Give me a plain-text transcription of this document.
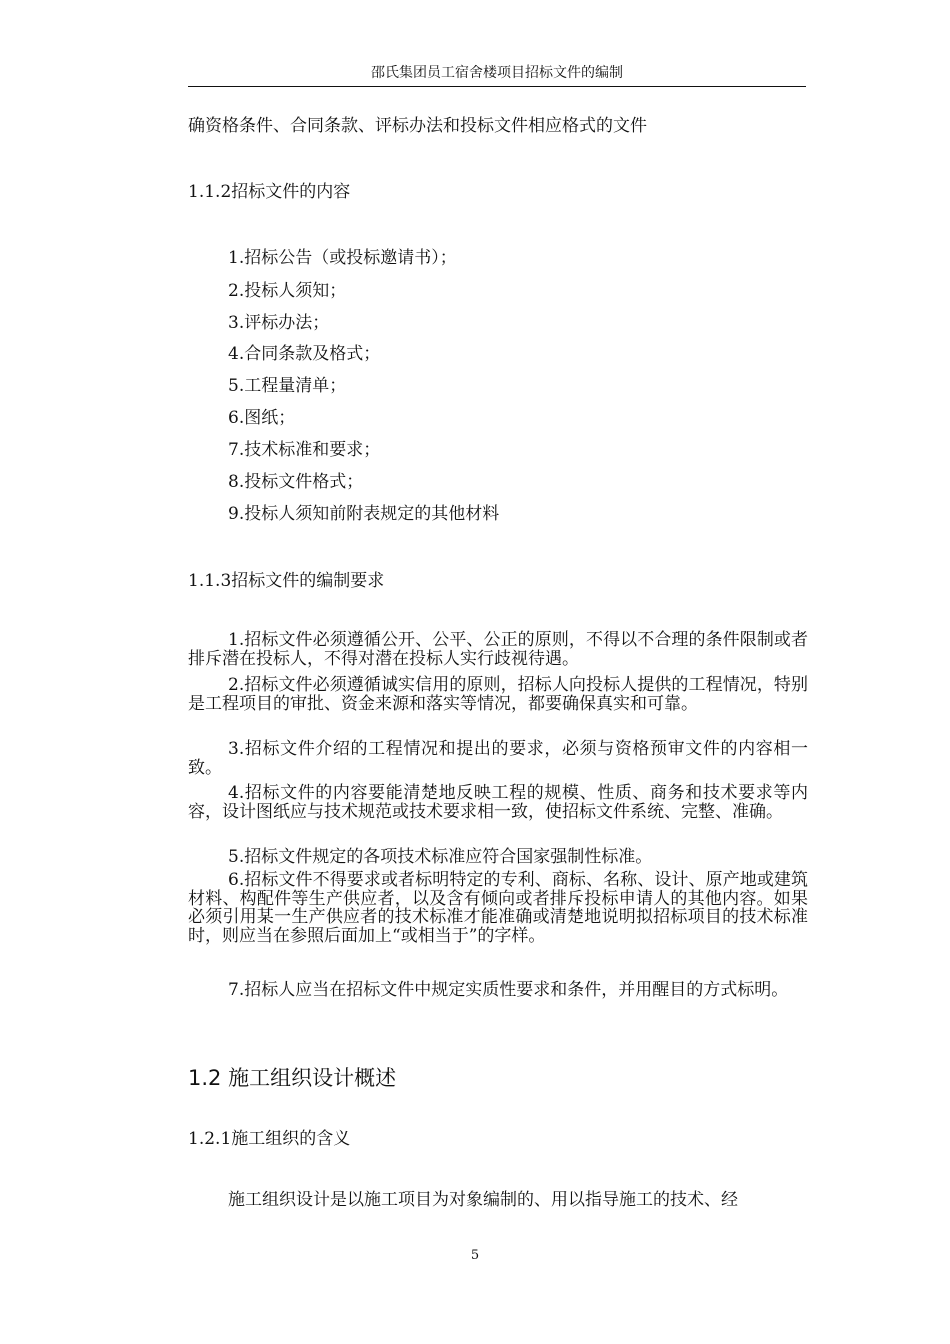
邵氏集团员工宿舍楼项目招标文件的编制
确资格条件、合同条款、评标办法和投标文件相应格式的文件
1.1.2招标文件的内容
1.招标公告（或投标邀请书）；
2.投标人须知；
3.评标办法；
4.合同条款及格式；
5.工程量清单；
6.图纸；
7.技术标准和要求；
8.投标文件格式；
9.投标人须知前附表规定的其他材料
1.1.3招标文件的编制要求

1.招标文件必须遵循公开、公平、公正的原则，不得以不合理的条件限制或者排斥潜在投标人，不得对潜在投标人实行歧视待遇。

2.招标文件必须遵循诚实信用的原则，招标人向投标人提供的工程情况，特别是工程项目的审批、资金来源和落实等情况，都要确保真实和可靠。

3.招标文件介绍的工程情况和提出的要求，必须与资格预审文件的内容相一致。

4.招标文件的内容要能清楚地反映工程的规模、性质、商务和技术要求等内容，设计图纸应与技术规范或技术要求相一致，使招标文件系统、完整、准确。

5.招标文件规定的各项技术标准应符合国家强制性标准。

6.招标文件不得要求或者标明特定的专利、商标、名称、设计、原产地或建筑材料、构配件等生产供应者，以及含有倾向或者排斥投标申请人的其他内容。如果必须引用某一生产供应者的技术标准才能准确或清楚地说明拟招标项目的技术标准时，则应当在参照后面加上“或相当于”的字样。

7.招标人应当在招标文件中规定实质性要求和条件，并用醒目的方式标明。

1.2 施工组织设计概述
1.2.1施工组织的含义

施工组织设计是以施工项目为对象编制的、用以指导施工的技术、经

5
